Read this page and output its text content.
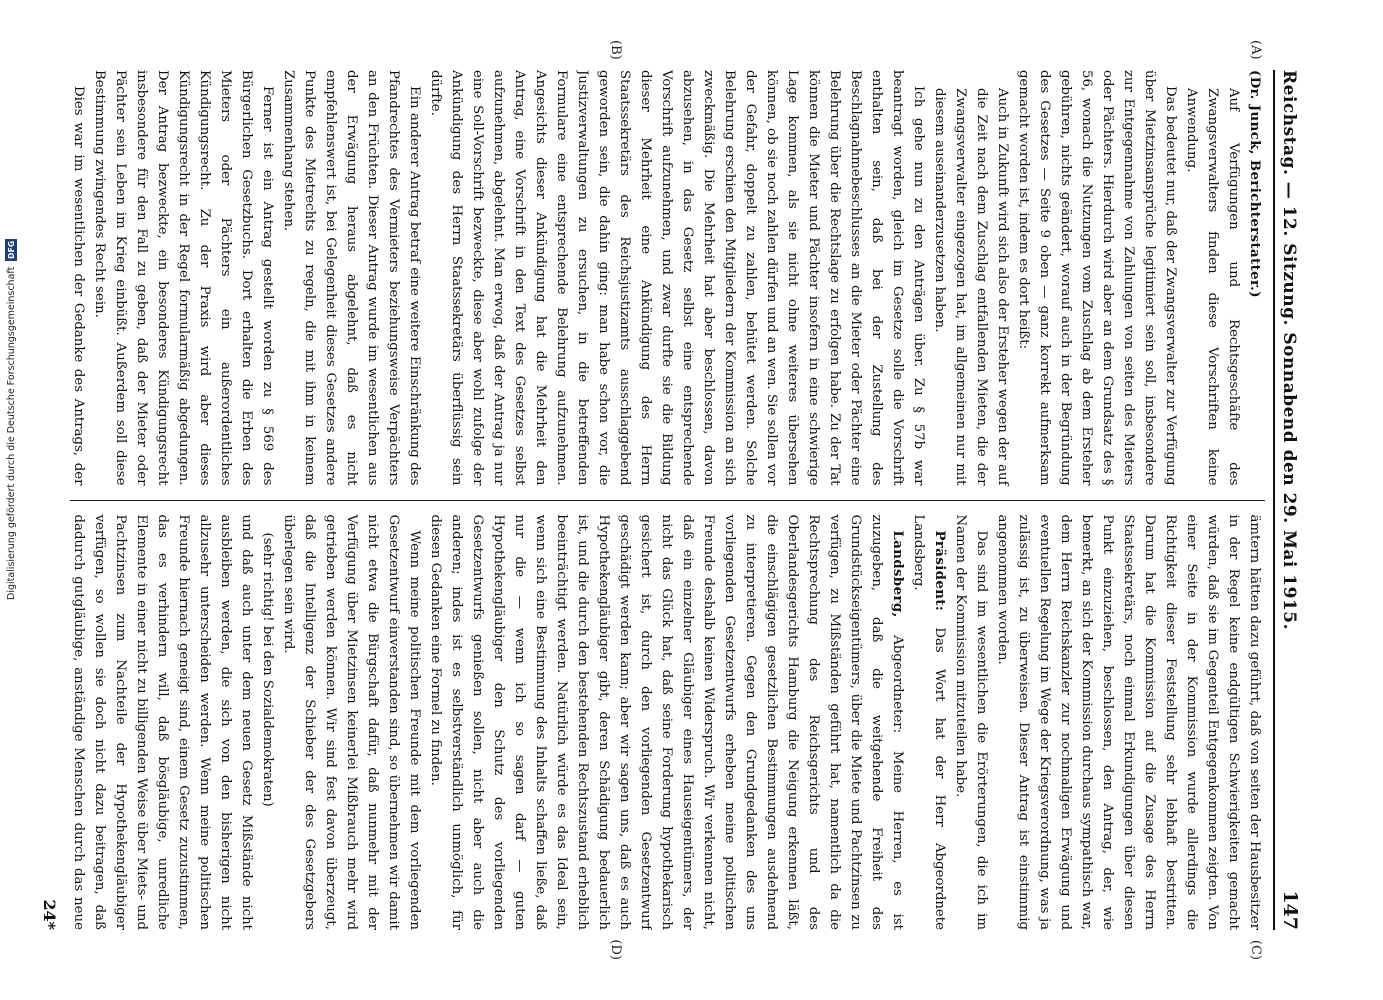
Reichstag. — 12. Sitzung. Sonnabend den 29. Mai 1915.
147
(A)
(B)
(C)
(D)

(Dr. Junck, Berichterstatter.)

Auf Verfügungen und Rechtsgeschäfte des Zwangsverwalters finden diese Vorschriften keine Anwendung.

Das bedeutet nur, daß der Zwangsverwalter zur Verfügung über Mietzinsansprüche legitimiert sein soll, insbesondere zur Entgegennahme von Zahlungen von seiten des Mieters oder Pächters. Hierdurch wird aber an dem Grundsatz des § 56, wonach die Nutzungen vom Zuschlag ab dem Ersteher gebühren, nichts geändert, worauf auch in der Begründung des Gesetzes — Seite 9 oben — ganz korrekt aufmerksam gemacht worden ist, indem es dort heißt:

Auch in Zukunft wird sich also der Ersteher wegen der auf die Zeit nach dem Zuschlag entfallenden Mieten, die der Zwangsverwalter eingezogen hat, im allgemeinen nur mit diesem auseinanderzusetzen haben.

Ich gehe nun zu den Anträgen über. Zu § 57b war beantragt worden, gleich im Gesetze solle die Vorschrift enthalten sein, daß bei der Zustellung des Beschlagnahmebeschlusses an die Mieter oder Pächter eine Belehrung über die Rechtslage zu erfolgen habe. Zu der Tat können die Mieter und Pächter insofern in eine schwierige Lage kommen, als sie nicht ohne weiteres übersehen können, ob sie noch zahlen dürfen und an wen. Sie sollen vor der Gefahr, doppelt zu zahlen, behütet werden. Solche Belehrung erschien den Mitgliedern der Kommission an sich zweckmäßig. Die Mehrheit hat aber beschlossen, davon abzusehen, in das Gesetz selbst eine entsprechende Vorschrift aufzunehmen, und zwar durfte sie die Bildung dieser Mehrheit eine Ankündigung des Herrn Staatssekretärs des Reichsjustizamts ausschlaggebend geworden sein, die dahin ging: man habe schon vor, die Justizverwaltungen zu ersuchen, in die betreffenden Formulare eine entsprechende Belehrung aufzunehmen. Angesichts dieser Ankündigung hat die Mehrheit den Antrag, eine Vorschrift in den Text des Gesetzes selbst aufzunehmen, abgelehnt. Man erwog, daß der Antrag ja nur eine Soll-Vorschrift bezweckte, diese aber wohl zufolge der Ankündigung des Herrn Staatssekretärs überflüssig sein dürfte.

Ein anderer Antrag betraf eine weitere Einschränkung des Pfandrechtes des Vermieters beziehungsweise Verpächters an den Früchten. Dieser Antrag wurde im wesentlichen aus der Erwägung heraus abgelehnt, daß es nicht empfehlenswert ist, bei Gelegenheit dieses Gesetzes andere Punkte des Mietrechts zu regeln, die mit ihm in keinem Zusammenhang stehen.

Ferner ist ein Antrag gestellt worden zu § 569 des Bürgerlichen Gesetzbuchs. Dort erhalten die Erben des Mieters oder Pächters ein außerordentliches Kündigungsrecht. Zu der Praxis wird aber dieses Kündigungsrecht in der Regel formularmäßig abgedungen. Der Antrag bezweckte, ein besonderes Kündigungsrecht insbesondere für den Fall zu geben, daß der Mieter oder Pächter sein Leben im Krieg einbüßt. Außerdem soll diese Bestimmung zwingendes Recht sein.

Dies war im wesentlichen der Gedanke des Antrags, der

ämtern hätten dazu geführt, daß von seiten der Hausbesitzer in der Regel keine endgültigen Schwierigkeiten gemacht würden, daß sie im Gegenteil Entgegenkommen zeigten. Von einer Seite in der Kommission wurde allerdings die Richtigkeit dieser Feststellung sehr lebhaft bestritten. Darum hat die Kommission auf die Zusage des Herrn Staatssekretärs, noch einmal Erkundigungen über diesen Punkt einzuziehen, beschlossen, den Antrag, der, wie bemerkt, an sich der Kommission durchaus sympathisch war, dem Herrn Reichskanzler zur nochmaligen Erwägung und eventuellen Regelung im Wege der Kriegsverordnung, was ja zulässig ist, zu überweisen. Dieser Antrag ist einstimmig angenommen worden.

Das sind im wesentlichen die Erörterungen, die ich im Namen der Kommission mitzuteilen habe.

Präsident: Das Wort hat der Herr Abgeordnete Landsberg.

Landsberg, Abgeordneter: Meine Herren, es ist zuzugeben, daß die weitgehende Freiheit des Grundstückseigentümers, über die Miete und Pachtzinsen zu verfügen, zu Mißständen geführt hat, namentlich da die Rechtsprechung des Reichsgerichts und des Oberlandesgerichts Hamburg die Neigung erkennen läßt, die einschlägigen gesetzlichen Bestimmungen ausdehnend zu interpretieren. Gegen den Grundgedanken des uns vorliegenden Gesetzentwurfs erheben meine politischen Freunde deshalb keinen Widerspruch. Wir verkennen nicht, daß ein einzelner Gläubiger eines Hauseigentümers, der nicht das Glück hat, daß seine Forderung hypothekarisch gesichert ist, durch den vorliegenden Gesetzentwurf geschädigt werden kann; aber wir sagen uns, daß es auch Hypothekengläubiger gibt, deren Schädigung bedauerlich ist, und die durch den bestehenden Rechtszustand erheblich beeinträchtigt werden. Natürlich würde es das Ideal sein, wenn sich eine Bestimmung des Inhalts schaffen ließe, daß nur die — wenn ich so sagen darf — guten Hypothekengläubiger den Schutz des vorliegenden Gesetzentwurfs genießen sollen, nicht aber auch die anderen; indes ist es selbstverständlich unmöglich, für diesen Gedanken eine Formel zu finden.

Wenn meine politischen Freunde mit dem vorliegenden Gesetzentwurf einverstanden sind, so übernehmen wir damit nicht etwa die Bürgschaft dafür, daß nunmehr mit der Verfügung über Mietzinsen keinerlei Mißbrauch mehr wird getrieben werden können. Wir sind fest davon überzeugt, daß die Intelligenz der Schieber der des Gesetzgebers überlegen sein wird.

(sehr richtig! bei den Sozialdemokraten)

und daß auch unter dem neuen Gesetz Mißstände nicht ausbleiben werden, die sich von den bisherigen nicht allzusehr unterscheiden werden. Wenn meine politischen Freunde hiernach geneigt sind, einem Gesetz zuzustimmen, das es verhindern will, daß bösgläubige, unredliche Elemente in einer nicht zu billigenden Weise über Miets- und Pachtzinsen zum Nachteile der Hypothekengläubiger verfügen, so wollen sie doch nicht dazu beitragen, daß dadurch gutgläubige, anständige Menschen durch das neue

24*
Digitalisierung gefördert durch die Deutsche Forschungsgemeinschaft
DFG
